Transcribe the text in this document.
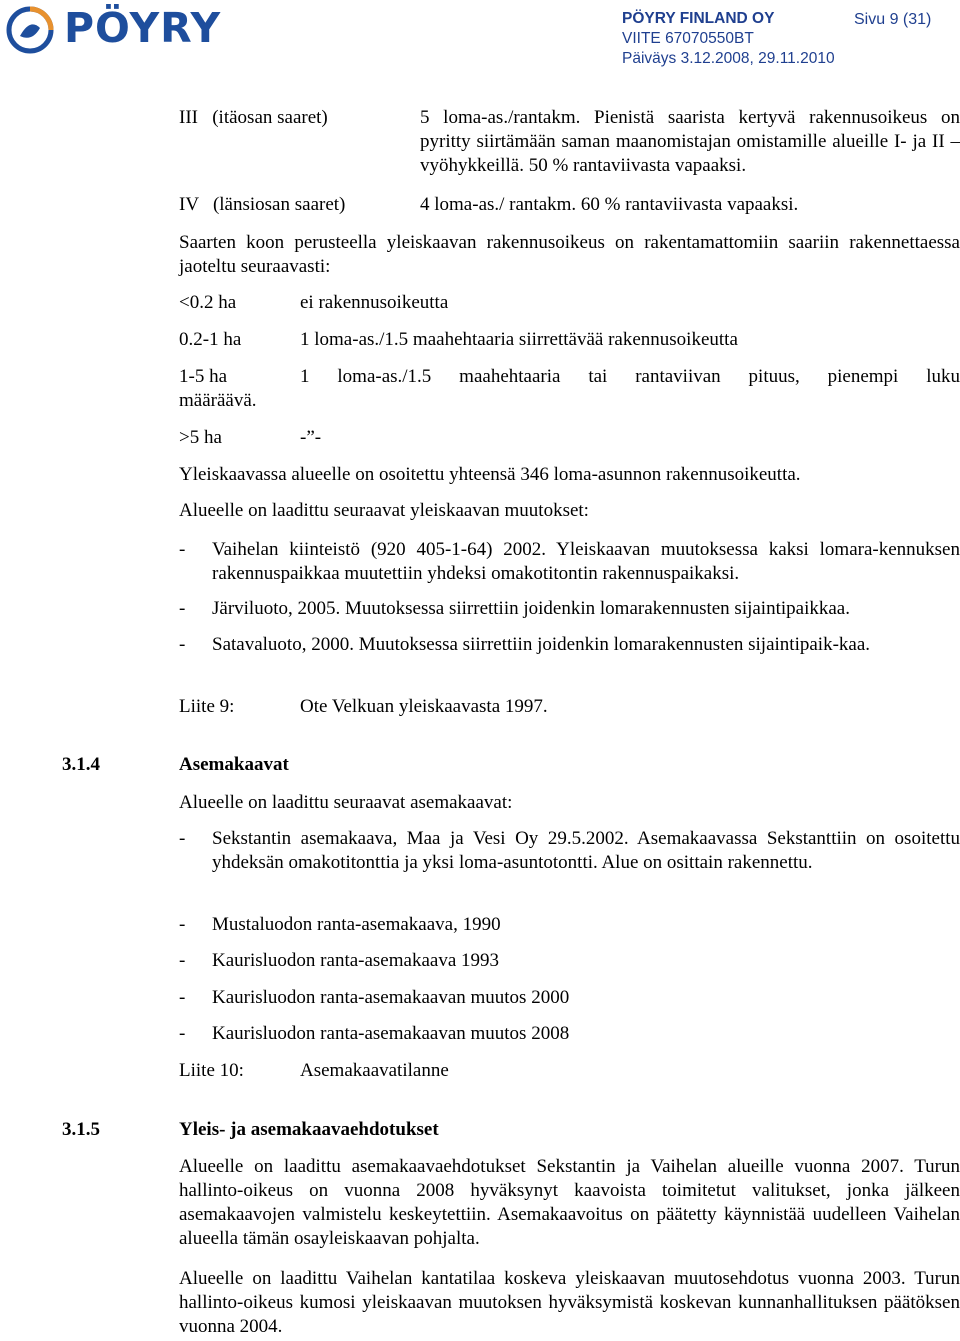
PÖYRY	PÖYRY FINLAND OY
VIITE 67070550BT
Päiväys 3.12.2008, 29.11.2010
Sivu 9 (31)
III   (itäosan saaret)	5 loma-as./rantakm. Pienistä saarista kertyvä rakennusoikeus on pyritty siirtämään saman maanomistajan omistamille alueille I- ja II – vyöhykkeillä. 50 % rantaviivasta vapaaksi.
IV   (länsiosan saaret)	4 loma-as./ rantakm. 60 % rantaviivasta vapaaksi.
Saarten koon perusteella yleiskaavan rakennusoikeus on rakentamattomiin saariin rakennettaessa jaoteltu seuraavasti:
<0.2 ha	ei rakennusoikeutta
0.2-1 ha	1 loma-as./1.5 maahehtaaria siirrettävää rakennusoikeutta
1-5 ha	1 loma-as./1.5 maahehtaaria tai rantaviivan pituus, pienempi luku
määräävä.
>5 ha	-”-
Yleiskaavassa alueelle on osoitettu yhteensä 346 loma-asunnon rakennusoikeutta.
Alueelle on laadittu seuraavat yleiskaavan muutokset:
- Vaihelan kiinteistö (920 405-1-64) 2002. Yleiskaavan muutoksessa kaksi lomara-kennuksen rakennuspaikkaa muutettiin yhdeksi omakotitontin rakennuspaikaksi.
- Järviluoto, 2005. Muutoksessa siirrettiin joidenkin lomarakennusten sijaintipaikkaa.
- Satavaluoto, 2000. Muutoksessa siirrettiin joidenkin lomarakennusten sijaintipaik-kaa.
Liite 9:	Ote Velkuan yleiskaavasta 1997.
3.1.4	Asemakaavat
Alueelle on laadittu seuraavat asemakaavat:
- Sekstantin asemakaava, Maa ja Vesi Oy 29.5.2002. Asemakaavassa Sekstanttiin on osoitettu yhdeksän omakotitonttia ja yksi loma-asuntotontti. Alue on osittain rakennettu.
- Mustaluodon ranta-asemakaava, 1990
- Kaurisluodon ranta-asemakaava 1993
- Kaurisluodon ranta-asemakaavan muutos 2000
- Kaurisluodon ranta-asemakaavan muutos 2008
Liite 10:	Asemakaavatilanne
3.1.5	Yleis- ja asemakaavaehdotukset
Alueelle on laadittu asemakaavaehdotukset Sekstantin ja Vaihelan alueille vuonna 2007. Turun hallinto-oikeus on vuonna 2008 hyväksynyt kaavoista toimitetut valitukset, jonka jälkeen asemakaavojen valmistelu keskeytettiin. Asemakaavoitus on päätetty käynnistää uudelleen Vaihelan alueella tämän osayleiskaavan pohjalta.
Alueelle on laadittu Vaihelan kantatilaa koskeva yleiskaavan muutosehdotus vuonna 2003. Turun hallinto-oikeus kumosi yleiskaavan muutoksen hyväksymistä koskevan kunnanhallituksen päätöksen vuonna 2004.
